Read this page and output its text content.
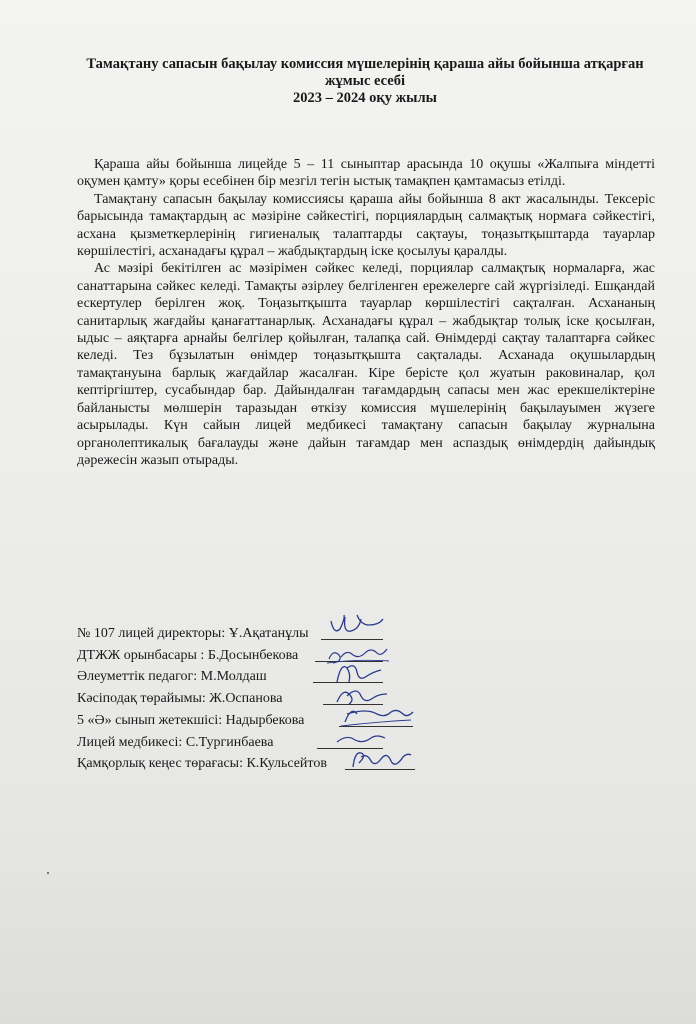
Тамақтану сапасын бақылау комиссия мүшелерінің қараша айы бойынша атқарған
жұмыс есебі
2023 – 2024 оқу жылы

Қараша айы бойынша лицейде 5 – 11 сыныптар арасында 10 оқушы «Жалпыға міндетті оқумен қамту» қоры есебінен бір мезгіл тегін ыстық тамақпен қамтамасыз етілді.

Тамақтану сапасын бақылау комиссиясы қараша айы бойынша 8 акт жасалынды. Тексеріс барысында тамақтардың ас мәзіріне сәйкестігі, порциялардың салмақтық нормаға сәйкестігі, асхана қызметкерлерінің гигиеналық талаптарды сақтауы, тоңазытқыштарда тауарлар көршілестігі, асханадағы құрал – жабдықтардың іске қосылуы қаралды.

Ас мәзірі бекітілген ас мәзірімен сәйкес келеді, порциялар салмақтық нормаларға, жас санаттарына сәйкес келеді. Тамақты әзірлеу белгіленген ережелерге сай жүргізіледі. Ешқандай ескертулер берілген жоқ. Тоңазытқышта тауарлар көршілестігі сақталған. Асхананың санитарлық жағдайы қанағаттанарлық. Асханадағы құрал – жабдықтар толық іске қосылған, ыдыс – аяқтарға арнайы белгілер қойылған, талапқа сай. Өнімдерді сақтау талаптарға сәйкес келеді. Тез бұзылатын өнімдер тоңазытқышта сақталады. Асханада оқушылардың тамақтануына барлық жағдайлар жасалған. Кіре берісте қол жуатын раковиналар, қол кептіргіштер, сусабындар бар. Дайындалған тағамдардың сапасы мен жас ерекшеліктеріне байланысты мөлшерін таразыдан өткізу комиссия мүшелерінің бақылауымен жүзеге асырылады. Күн сайын лицей медбикесі тамақтану сапасын бақылау журналына органолептикалық бағалауды және дайын тағамдар мен аспаздық өнімдердің дайындық дәрежесін жазып отырады.

№ 107 лицей директоры: Ұ.Ақатанұлы
ДТЖЖ орынбасары : Б.Досынбекова
Әлеуметтік педагог: М.Молдаш
Кәсіподақ төрайымы: Ж.Оспанова
5 «Ә» сынып жетекшісі: Надырбекова
Лицей медбикесі: С.Тургинбаева
Қамқорлық кеңес төрағасы: К.Кульсейтов
